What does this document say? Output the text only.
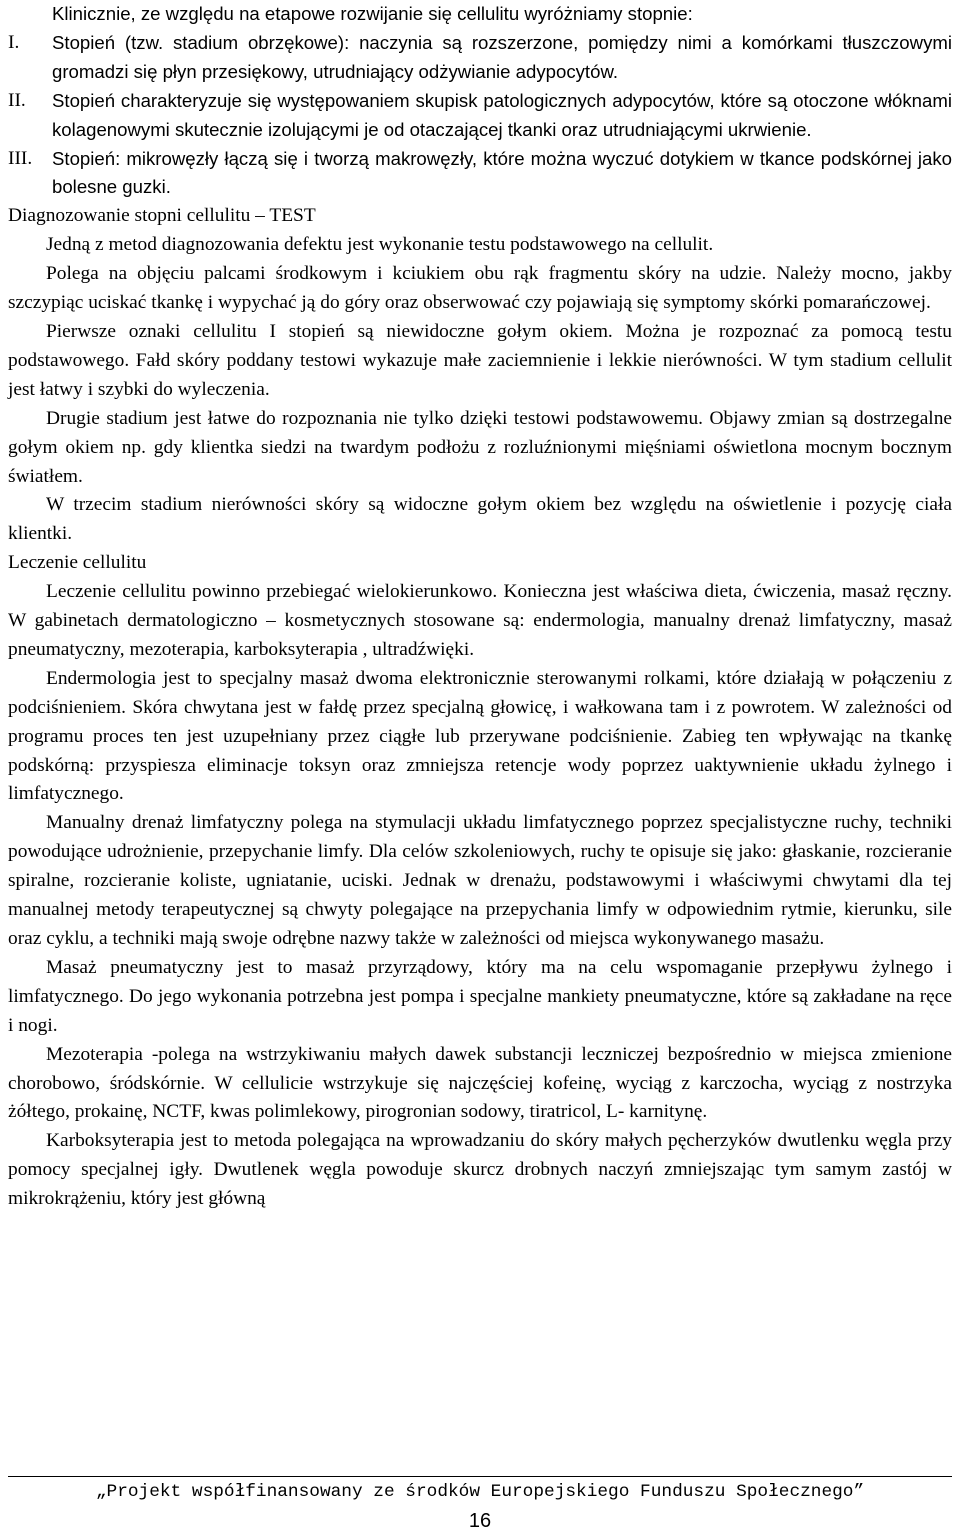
Klinicznie, ze względu na etapowe rozwijanie się cellulitu wyróżniamy stopnie:

I.	Stopień (tzw. stadium obrzękowe): naczynia są rozszerzone, pomiędzy nimi a komórkami tłuszczowymi gromadzi się płyn przesiękowy, utrudniający odżywianie adypocytów.
II.	Stopień charakteryzuje się występowaniem skupisk patologicznych adypocytów, które są otoczone włóknami kolagenowymi skutecznie izolującymi je od otaczającej tkanki oraz utrudniającymi ukrwienie.
III.	Stopień: mikrowęzły łączą się i tworzą makrowęzły, które można wyczuć dotykiem w tkance podskórnej jako bolesne guzki.

Diagnozowanie stopni cellulitu – TEST

Jedną z metod diagnozowania defektu jest wykonanie testu podstawowego na cellulit.

Polega na objęciu palcami środkowym i kciukiem obu rąk fragmentu skóry na udzie. Należy mocno, jakby szczypiąc uciskać tkankę i wypychać ją do góry oraz obserwować czy pojawiają się symptomy skórki pomarańczowej.

Pierwsze oznaki cellulitu I stopień są niewidoczne gołym okiem. Można je rozpoznać za pomocą testu podstawowego. Fałd skóry poddany testowi wykazuje małe zaciemnienie i lekkie nierówności. W tym stadium cellulit jest łatwy i szybki do wyleczenia.

Drugie stadium jest łatwe do rozpoznania nie tylko dzięki testowi podstawowemu. Objawy zmian są dostrzegalne gołym okiem np. gdy klientka siedzi na twardym podłożu z rozluźnionymi mięśniami oświetlona mocnym bocznym światłem.

W trzecim stadium nierówności skóry są widoczne gołym okiem bez względu na oświetlenie i pozycję ciała klientki.

Leczenie cellulitu

Leczenie cellulitu powinno przebiegać wielokierunkowo. Konieczna jest właściwa dieta, ćwiczenia, masaż ręczny. W gabinetach dermatologiczno – kosmetycznych stosowane są: endermologia, manualny drenaż limfatyczny, masaż pneumatyczny, mezoterapia, karboksyterapia , ultradźwięki.

Endermologia jest to specjalny masaż dwoma elektronicznie sterowanymi rolkami, które działają w połączeniu z podciśnieniem. Skóra chwytana jest w fałdę przez specjalną głowicę, i wałkowana tam i z powrotem. W zależności od programu proces ten jest uzupełniany przez ciągłe lub przerywane podciśnienie. Zabieg ten wpływając na tkankę podskórną: przyspiesza eliminacje toksyn oraz zmniejsza retencje wody poprzez uaktywnienie układu żylnego i limfatycznego.

Manualny drenaż limfatyczny polega na stymulacji układu limfatycznego poprzez specjalistyczne ruchy, techniki powodujące udrożnienie, przepychanie limfy. Dla celów szkoleniowych, ruchy te opisuje się jako: głaskanie, rozcieranie spiralne, rozcieranie koliste, ugniatanie, uciski. Jednak w drenażu, podstawowymi i właściwymi chwytami dla tej manualnej metody terapeutycznej są chwyty polegające na przepychania limfy w odpowiednim rytmie, kierunku, sile oraz cyklu, a techniki mają swoje odrębne nazwy także w zależności od miejsca wykonywanego masażu.

Masaż pneumatyczny jest to masaż przyrządowy, który ma na celu wspomaganie przepływu żylnego i limfatycznego. Do jego wykonania potrzebna jest pompa i specjalne mankiety pneumatyczne, które są zakładane na ręce i nogi.

Mezoterapia -polega na wstrzykiwaniu małych dawek substancji leczniczej bezpośrednio w miejsca zmienione chorobowo, śródskórnie. W cellulicie wstrzykuje się najczęściej kofeinę, wyciąg z karczocha, wyciąg z nostrzyka żółtego, prokainę, NCTF, kwas polimlekowy, pirogronian sodowy, tiratricol, L- karnitynę.

Karboksyterapia jest to metoda polegająca na wprowadzaniu do skóry małych pęcherzyków dwutlenku węgla przy pomocy specjalnej igły. Dwutlenek węgla powoduje skurcz drobnych naczyń zmniejszając tym samym zastój w mikrokrążeniu, który jest główną

„Projekt współfinansowany ze środków Europejskiego Funduszu Społecznego”
16
